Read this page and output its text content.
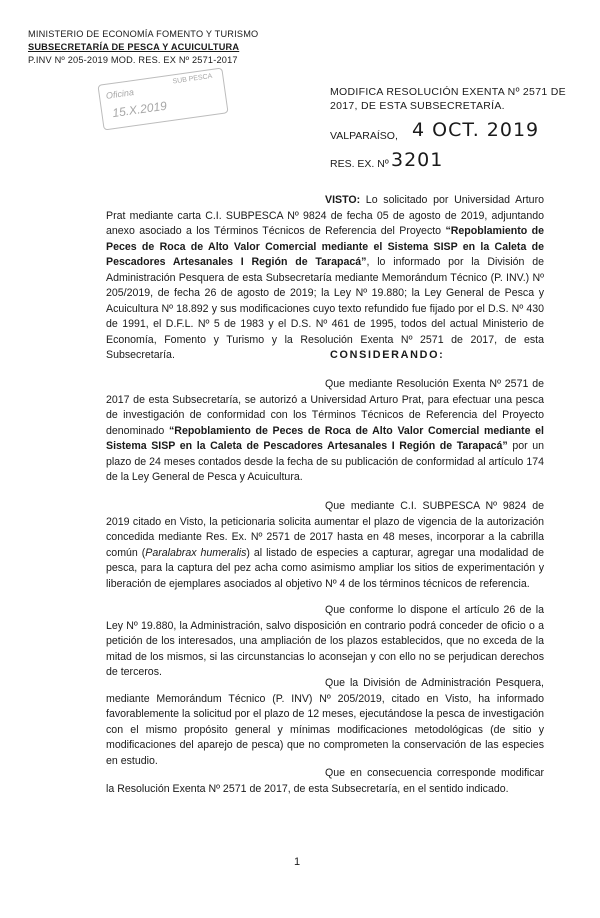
MINISTERIO DE ECONOMÍA FOMENTO Y TURISMO
SUBSECRETARÍA DE PESCA Y ACUICULTURA
P.INV Nº 205-2019 MOD. RES. EX Nº 2571-2017
Oficina
15.X.2019
SUB PESCA
MODIFICA RESOLUCIÓN EXENTA Nº 2571 DE
2017, DE ESTA SUBSECRETARÍA.
VALPARAÍSO, 4 OCT. 2019
RES. EX. Nº 3201
VISTO: Lo solicitado por Universidad Arturo Prat mediante carta C.I. SUBPESCA Nº 9824 de fecha 05 de agosto de 2019, adjuntando anexo asociado a los Términos Técnicos de Referencia del Proyecto “Repoblamiento de Peces de Roca de Alto Valor Comercial mediante el Sistema SISP en la Caleta de Pescadores Artesanales I Región de Tarapacá”, lo informado por la División de Administración Pesquera de esta Subsecretaría mediante Memorándum Técnico (P. INV.) Nº 205/2019, de fecha 26 de agosto de 2019; la Ley Nº 19.880; la Ley General de Pesca y Acuicultura Nº 18.892 y sus modificaciones cuyo texto refundido fue fijado por el D.S. Nº 430 de 1991, el D.F.L. Nº 5 de 1983 y el D.S. Nº 461 de 1995, todos del actual Ministerio de Economía, Fomento y Turismo y la Resolución Exenta Nº 2571 de 2017, de esta Subsecretaría.	CONSIDERANDO:
Que mediante Resolución Exenta Nº 2571 de 2017 de esta Subsecretaría, se autorizó a Universidad Arturo Prat, para efectuar una pesca de investigación de conformidad con los Términos Técnicos de Referencia del Proyecto denominado “Repoblamiento de Peces de Roca de Alto Valor Comercial mediante el Sistema SISP en la Caleta de Pescadores Artesanales I Región de Tarapacá” por un plazo de 24 meses contados desde la fecha de su publicación de conformidad al artículo 174 de la Ley General de Pesca y Acuicultura.
Que mediante C.I. SUBPESCA Nº 9824 de 2019 citado en Visto, la peticionaria solicita aumentar el plazo de vigencia de la autorización concedida mediante Res. Ex. Nº 2571 de 2017 hasta en 48 meses, incorporar a la cabrilla común (Paralabrax humeralis) al listado de especies a capturar, agregar una modalidad de pesca, para la captura del pez acha como asimismo ampliar los sitios de experimentación y liberación de ejemplares asociados al objetivo Nº 4 de los términos técnicos de referencia.
Que conforme lo dispone el artículo 26 de la Ley Nº 19.880, la Administración, salvo disposición en contrario podrá conceder de oficio o a petición de los interesados, una ampliación de los plazos establecidos, que no exceda de la mitad de los mismos, si las circunstancias lo aconsejan y con ello no se perjudican derechos de terceros.
Que la División de Administración Pesquera, mediante Memorándum Técnico (P. INV) Nº 205/2019, citado en Visto, ha informado favorablemente la solicitud por el plazo de 12 meses, ejecutándose la pesca de investigación con el mismo propósito general y mínimas modificaciones metodológicas (de sitio y modificaciones del aparejo de pesca) que no comprometen la conservación de las especies en estudio.
Que en consecuencia corresponde modificar la Resolución Exenta Nº 2571 de 2017, de esta Subsecretaría, en el sentido indicado.
1
